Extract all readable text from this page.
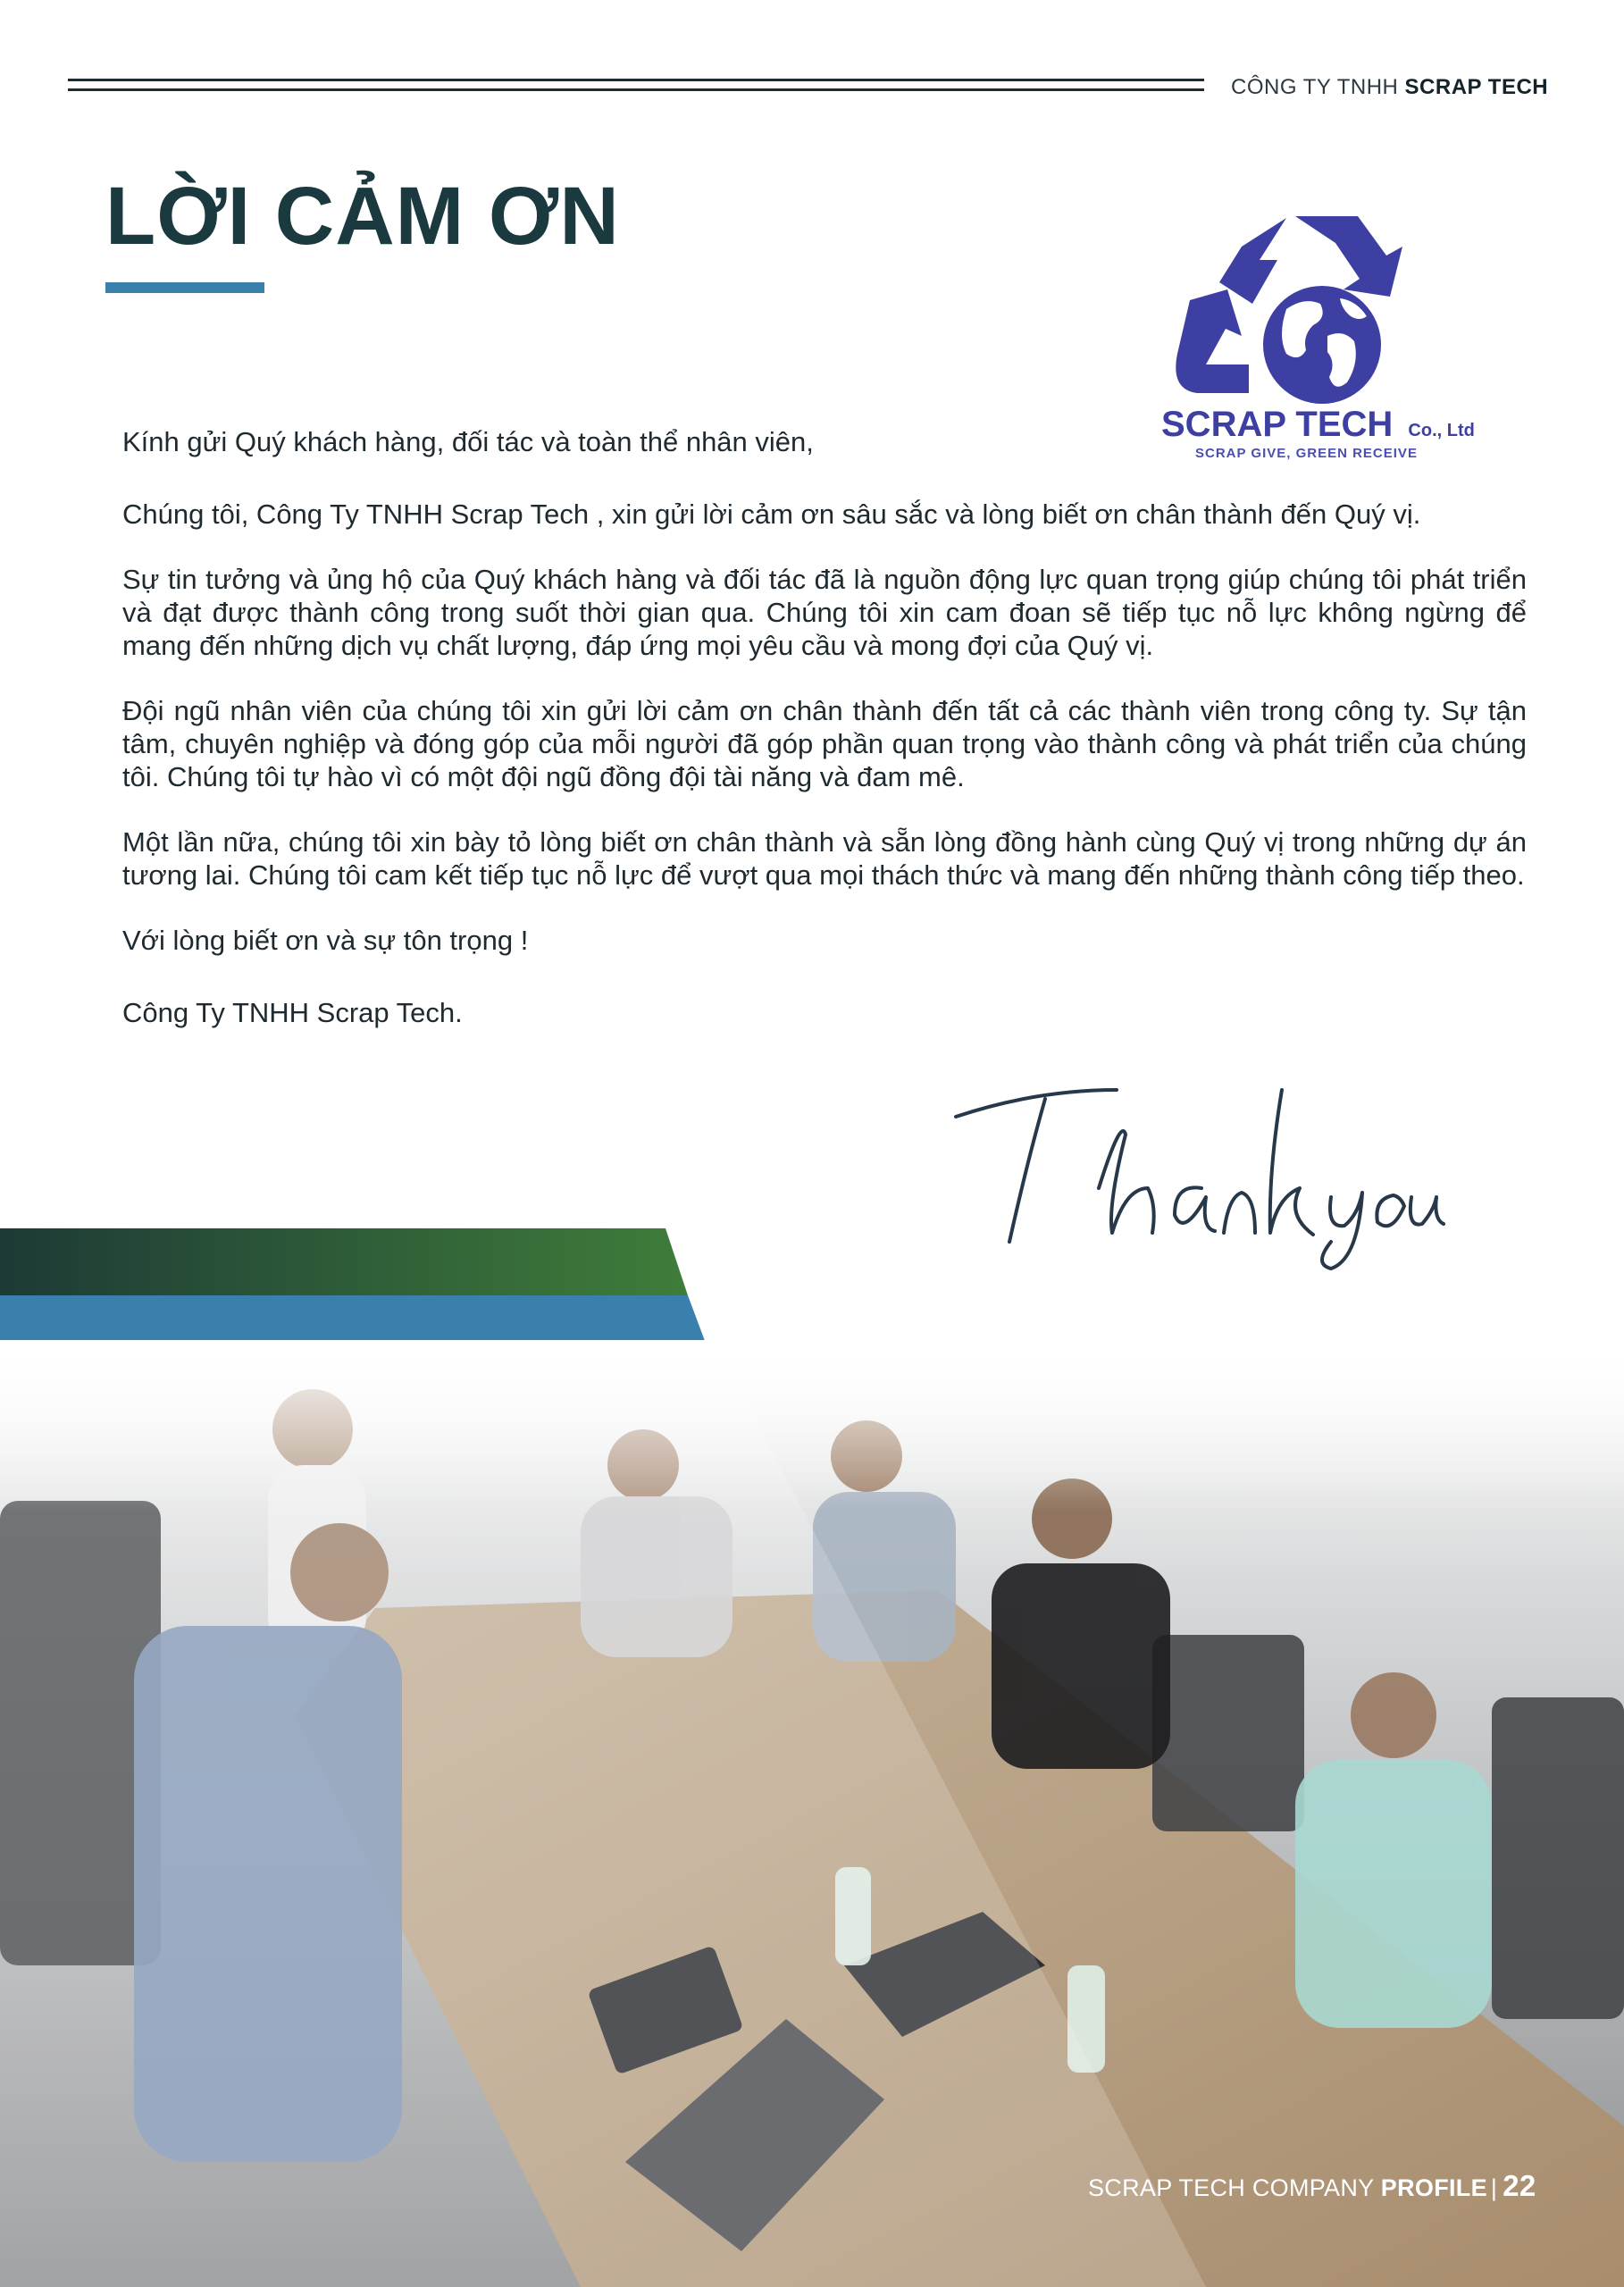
CÔNG TY TNHH SCRAP TECH
LỜI CẢM ƠN
SCRAP TECH Co., Ltd
SCRAP GIVE, GREEN RECEIVE

Kính gửi Quý khách hàng, đối tác và toàn thể nhân viên,

Chúng tôi, Công Ty TNHH Scrap Tech , xin gửi lời cảm ơn sâu sắc và lòng biết ơn chân thành đến Quý vị.

Sự tin tưởng và ủng hộ của Quý khách hàng và đối tác đã là nguồn động lực quan trọng giúp chúng tôi phát triển và đạt được thành công trong suốt thời gian qua. Chúng tôi xin cam đoan sẽ tiếp tục nỗ lực không ngừng để mang đến những dịch vụ chất lượng, đáp ứng mọi yêu cầu và mong đợi của Quý vị.

Đội ngũ nhân viên của chúng tôi xin gửi lời cảm ơn chân thành đến tất cả các thành viên trong công ty. Sự tận tâm, chuyên nghiệp và đóng góp của mỗi người đã góp phần quan trọng vào thành công và phát triển của chúng tôi. Chúng tôi tự hào vì có một đội ngũ đồng đội tài năng và đam mê.

Một lần nữa, chúng tôi xin bày tỏ lòng biết ơn chân thành và sẵn lòng đồng hành cùng Quý vị trong những dự án tương lai. Chúng tôi cam kết tiếp tục nỗ lực để vượt qua mọi thách thức và mang đến những thành công tiếp theo.

Với lòng biết ơn và sự tôn trọng !

Công Ty TNHH Scrap Tech.

Thank you
SCRAP TECH COMPANY PROFILE | 22
